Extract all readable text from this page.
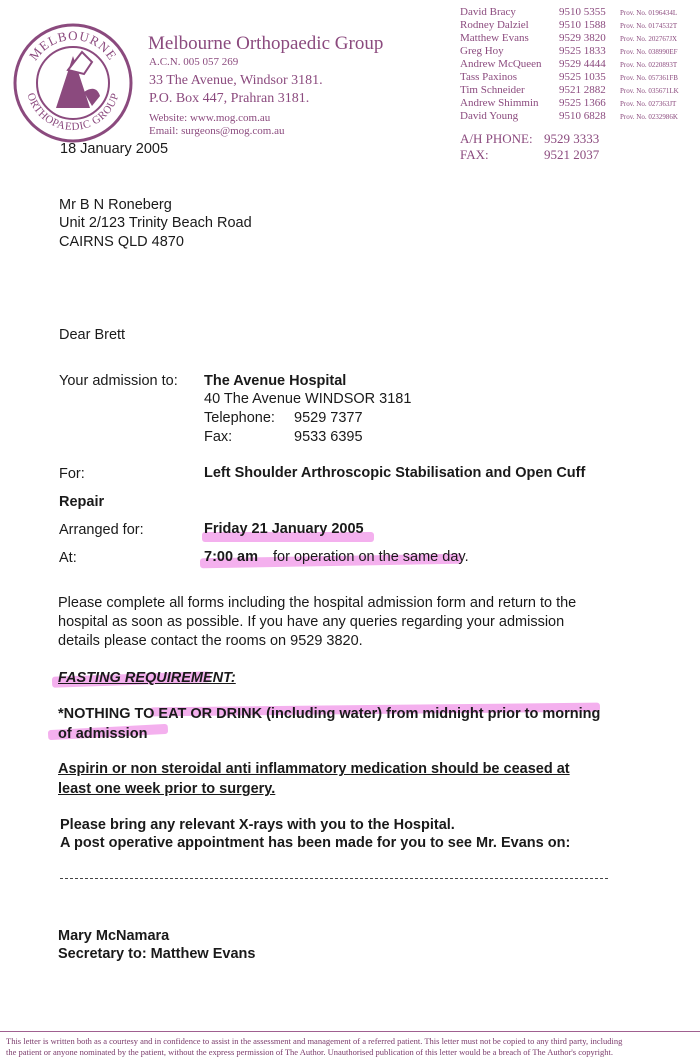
MELBOURNE
ORTHOPAEDIC GROUP
Melbourne Orthopaedic Group
A.C.N. 005 057 269
33 The Avenue, Windsor 3181.
P.O. Box 447, Prahran 3181.
Website: www.mog.com.au
Email: surgeons@mog.com.au
David Bracy	9510 5355 Prov. No. 0196434L
Rodney Dalziel	9510 1588 Prov. No. 0174532T
Matthew Evans	9529 3820 Prov. No. 202767JX
Greg Hoy	9525 1833 Prov. No. 038990EF
Andrew McQueen 9529 4444 Prov. No. 0220893T
Tass Paxinos	9525 1035 Prov. No. 057361FB
Tim Schneider	9521 2882 Prov. No. 035671LK
Andrew Shimmin 9525 1366 Prov. No. 027363JT
David Young	9510 6828 Prov. No. 0232986K
A/H PHONE: 9529 3333
FAX:	9521 2037
18 January 2005
Mr B N Roneberg
Unit 2/123 Trinity Beach Road
CAIRNS QLD 4870
Dear Brett
Your admission to: The Avenue Hospital
40 The Avenue WINDSOR 3181
Telephone: 9529 7377
Fax:	9533 6395
For:	Left Shoulder Arthroscopic Stabilisation and Open Cuff
Repair
Arranged for:	Friday 21 January 2005
At:	7:00 am for operation on the same day.
Please complete all forms including the hospital admission form and return to the
hospital as soon as possible. If you have any queries regarding your admission
details please contact the rooms on 9529 3820.
FASTING REQUIREMENT:
*NOTHING TO EAT OR DRINK (including water) from midnight prior to morning
of admission
Aspirin or non steroidal anti inflammatory medication should be ceased at
least one week prior to surgery.
Please bring any relevant X-rays with you to the Hospital.
A post operative appointment has been made for you to see Mr. Evans on:
Mary McNamara
Secretary to: Matthew Evans
This letter is written both as a courtesy and in confidence to assist in the assessment and management of a referred patient. This letter must not be copied to any third party, including
the patient or anyone nominated by the patient, without the express permission of The Author. Unauthorised publication of this letter would be a breach of The Author's copyright.
